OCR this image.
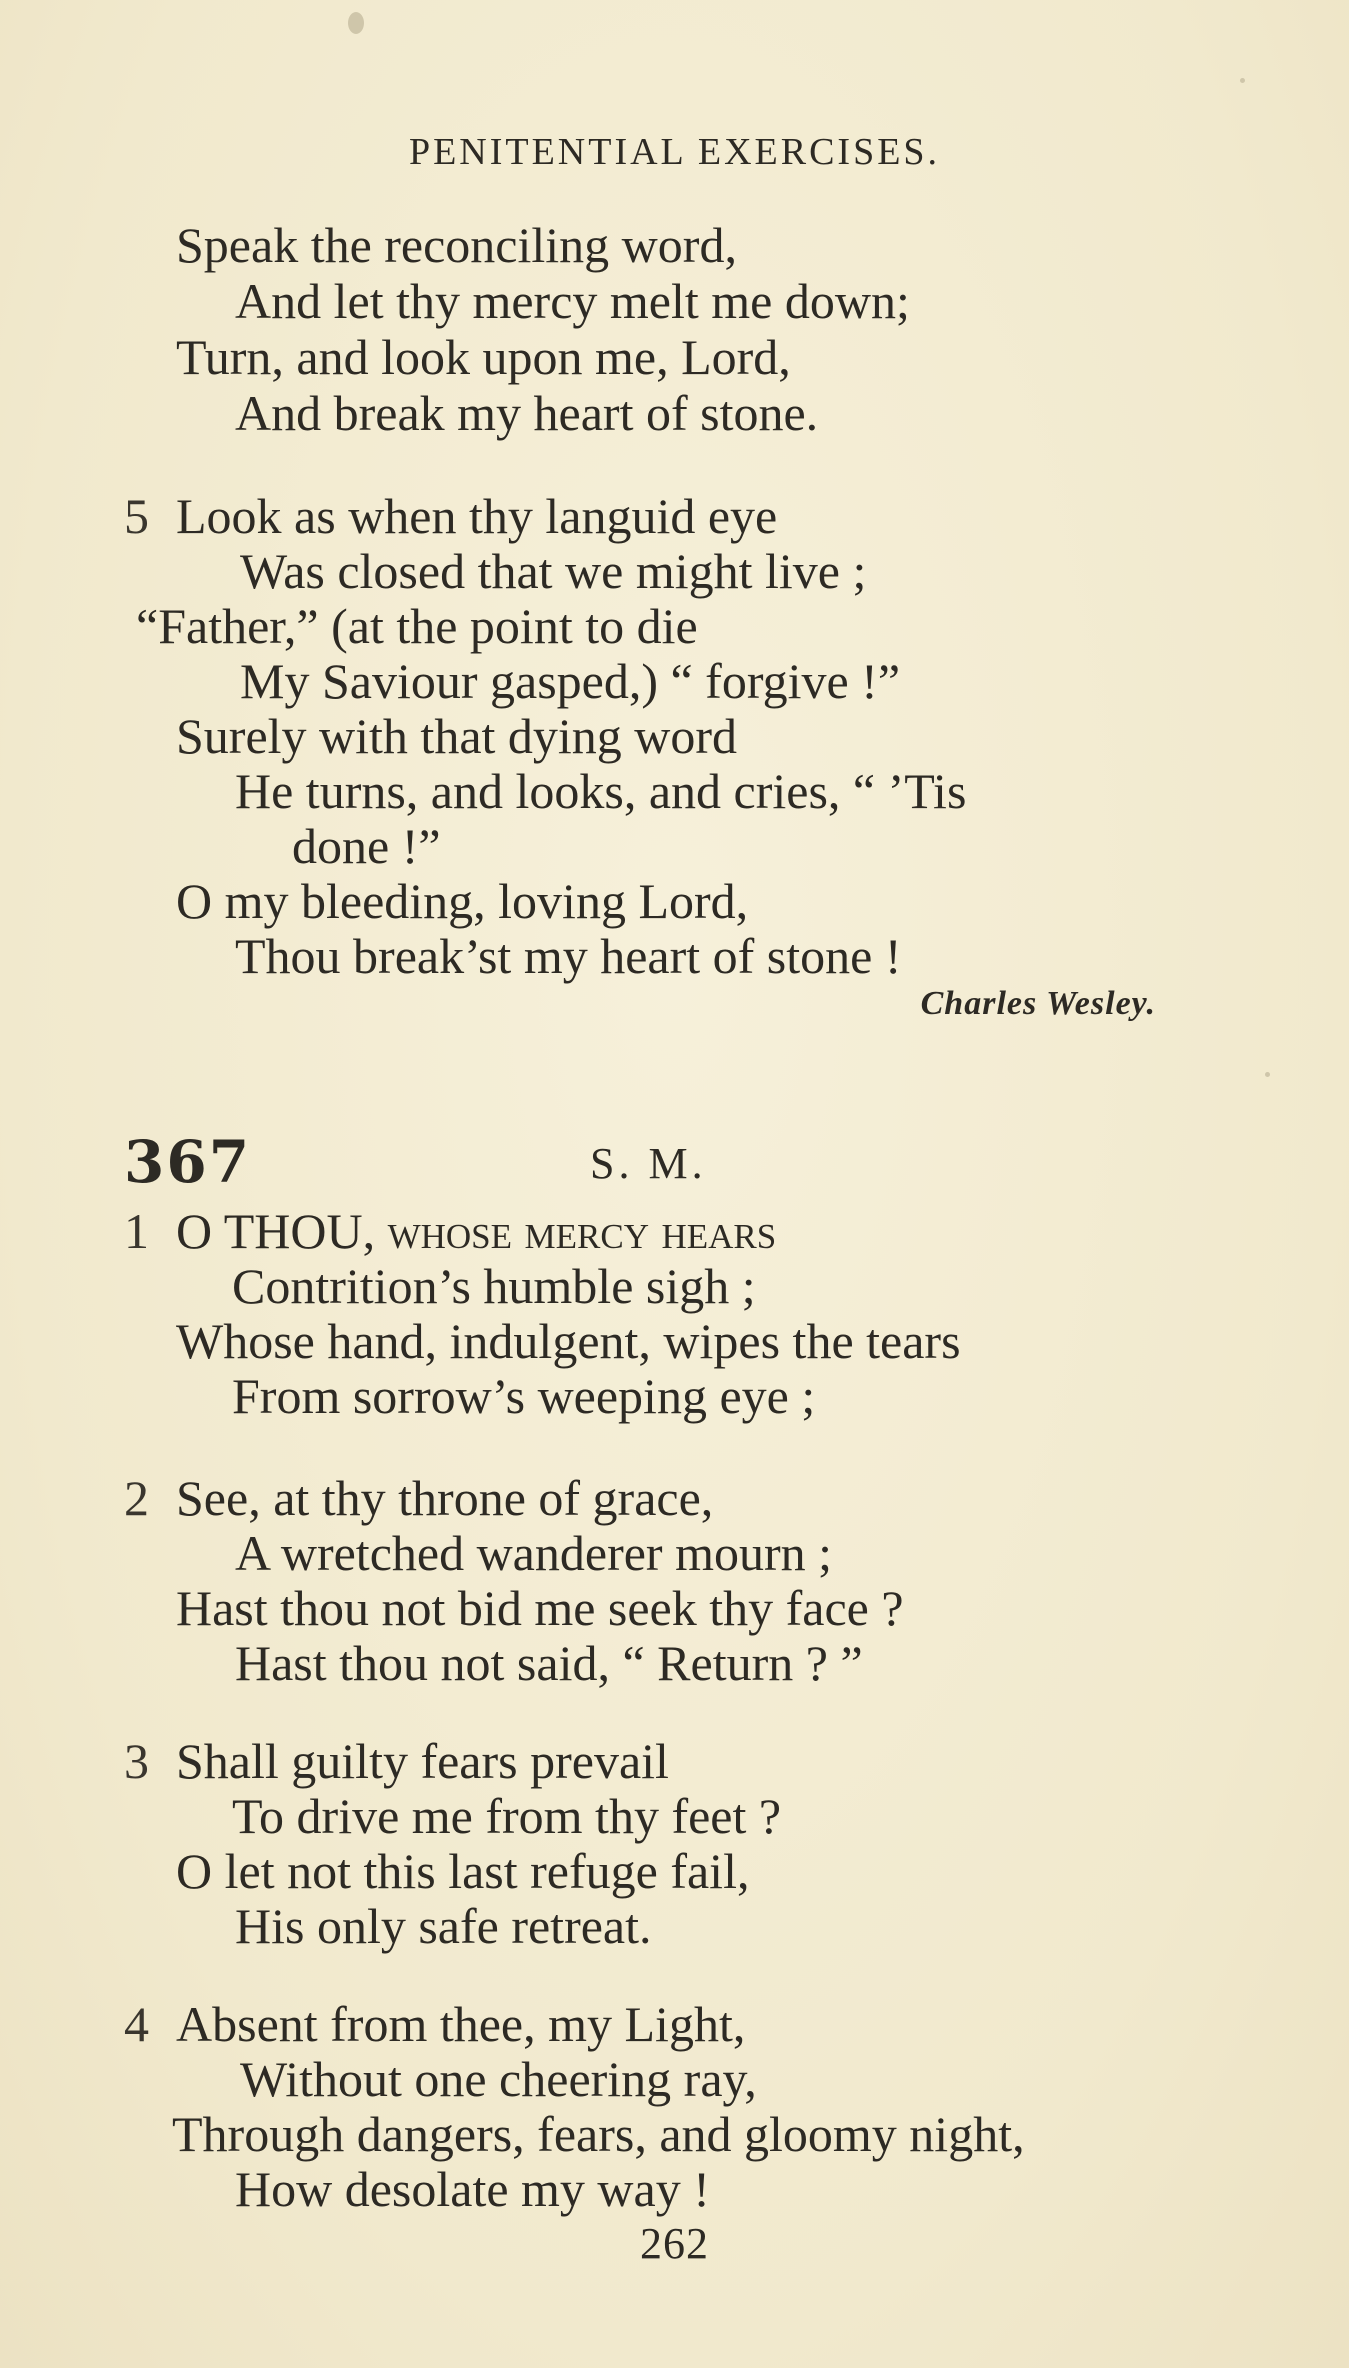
PENITENTIAL EXERCISES.
Speak the reconciling word,
And let thy mercy melt me down;
Turn, and look upon me, Lord,
And break my heart of stone.
5 Look as when thy languid eye
Was closed that we might live ;
“Father,” (at the point to die
My Saviour gasped,) “ forgive !”
Surely with that dying word
He turns, and looks, and cries, “ ’Tis
done !”
O my bleeding, loving Lord,
Thou break’st my heart of stone !
Charles Wesley.
367	S. M.
1 O THOU, whose mercy hears
Contrition’s humble sigh ;
Whose hand, indulgent, wipes the tears
From sorrow’s weeping eye ;
2 See, at thy throne of grace,
A wretched wanderer mourn ;
Hast thou not bid me seek thy face ?
Hast thou not said, “ Return ? ”
3 Shall guilty fears prevail
To drive me from thy feet ?
O let not this last refuge fail,
His only safe retreat.
4 Absent from thee, my Light,
Without one cheering ray,
Through dangers, fears, and gloomy night,
How desolate my way !
262
